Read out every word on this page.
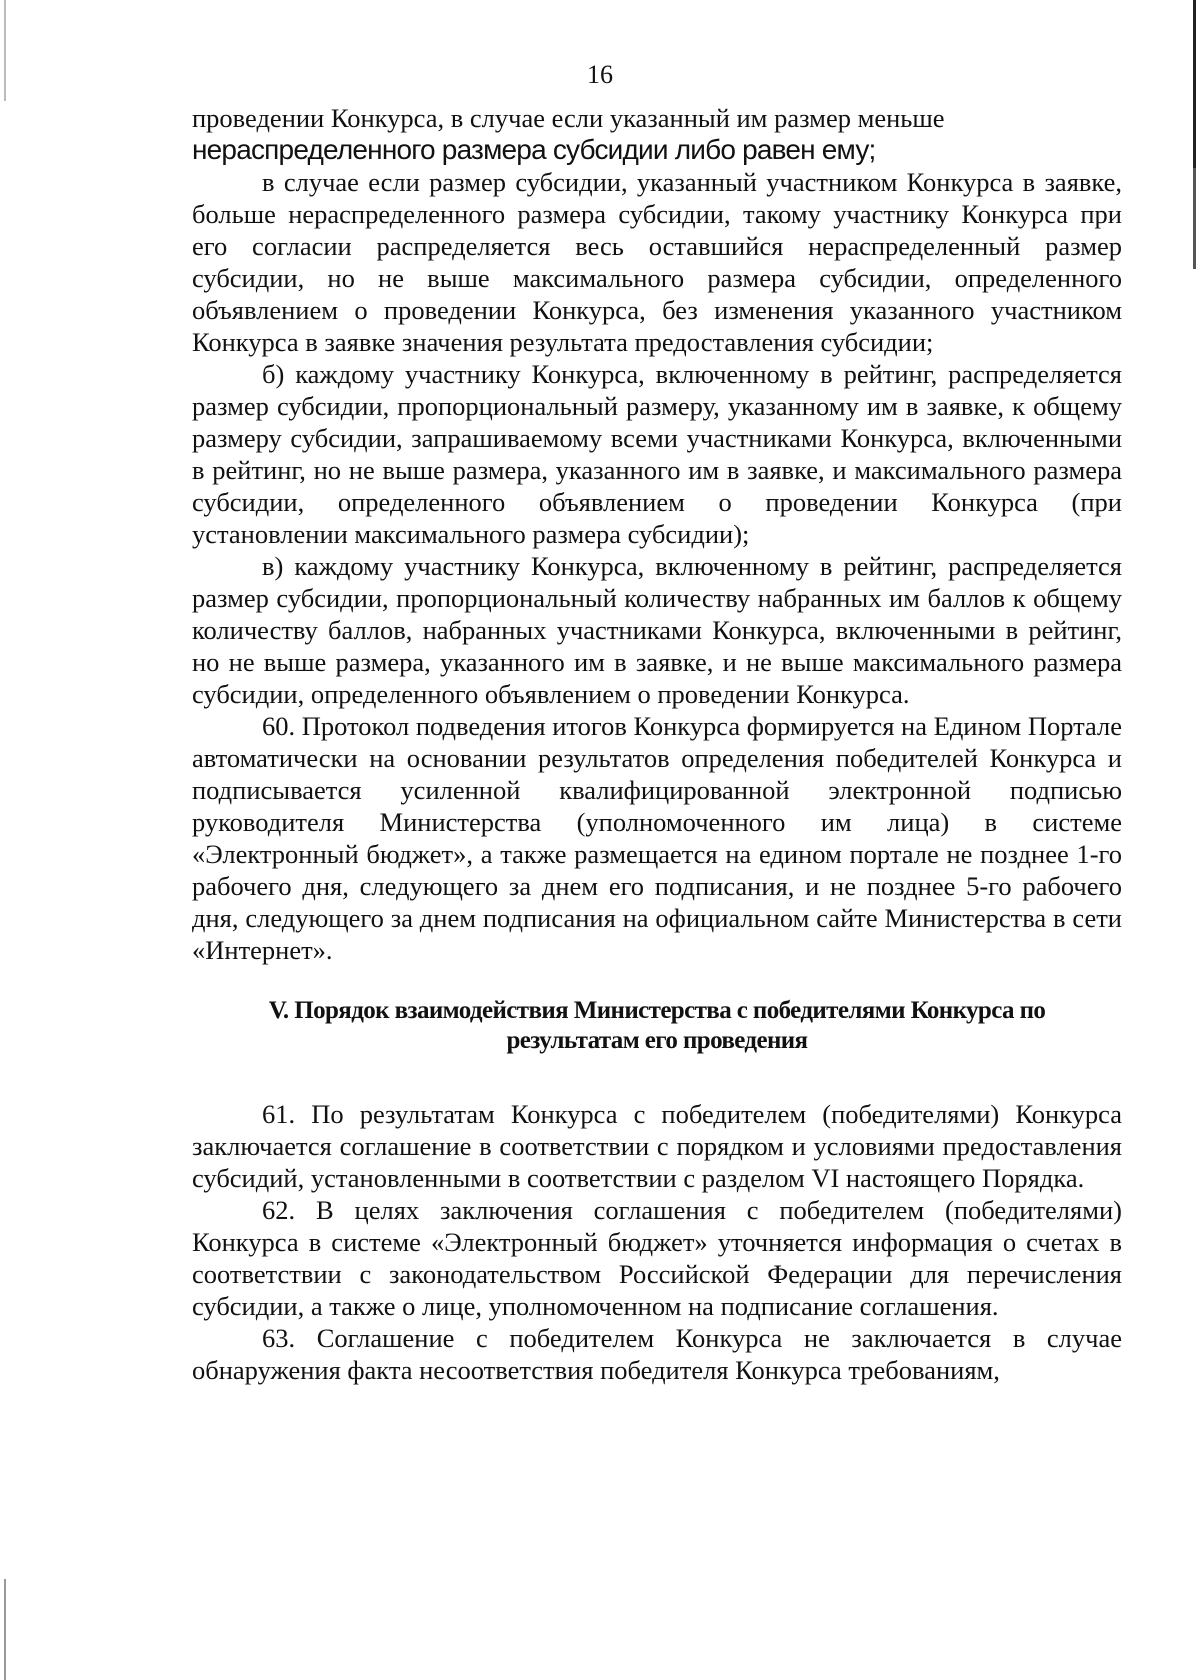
16

проведении Конкурса, в случае если указанный им размер меньше

нераспределенного размера субсидии либо равен ему;

в случае если размер субсидии, указанный участником Конкурса в заявке, больше нераспределенного размера субсидии, такому участнику Конкурса при его согласии распределяется весь оставшийся нераспределенный размер субсидии, но не выше максимального размера субсидии, определенного объявлением о проведении Конкурса, без изменения указанного участником Конкурса в заявке значения результата предоставления субсидии;

б) каждому участнику Конкурса, включенному в рейтинг, распределяется размер субсидии, пропорциональный размеру, указанному им в заявке, к общему размеру субсидии, запрашиваемому всеми участниками Конкурса, включенными в рейтинг, но не выше размера, указанного им в заявке, и максимального размера субсидии, определенного объявлением о проведении Конкурса (при установлении максимального размера субсидии);

в) каждому участнику Конкурса, включенному в рейтинг, распределяется размер субсидии, пропорциональный количеству набранных им баллов к общему количеству баллов, набранных участниками Конкурса, включенными в рейтинг, но не выше размера, указанного им в заявке, и не выше максимального размера субсидии, определенного объявлением о проведении Конкурса.

60. Протокол подведения итогов Конкурса формируется на Едином Портале автоматически на основании результатов определения победителей Конкурса и подписывается усиленной квалифицированной электронной подписью руководителя Министерства (уполномоченного им лица) в системе «Электронный бюджет», а также размещается на едином портале не позднее 1-го рабочего дня, следующего за днем его подписания, и не позднее 5-го рабочего дня, следующего за днем подписания на официальном сайте Министерства в сети «Интернет».

V. Порядок взаимодействия Министерства с победителями Конкурса по
результатам его проведения

61. По результатам Конкурса с победителем (победителями) Конкурса заключается соглашение в соответствии с порядком и условиями предоставления субсидий, установленными в соответствии с разделом VI настоящего Порядка.

62. В целях заключения соглашения с победителем (победителями) Конкурса в системе «Электронный бюджет» уточняется информация о счетах в соответствии с законодательством Российской Федерации для перечисления субсидии, а также о лице, уполномоченном на подписание соглашения.

63. Соглашение с победителем Конкурса не заключается в случае обнаружения факта несоответствия победителя Конкурса требованиям,
